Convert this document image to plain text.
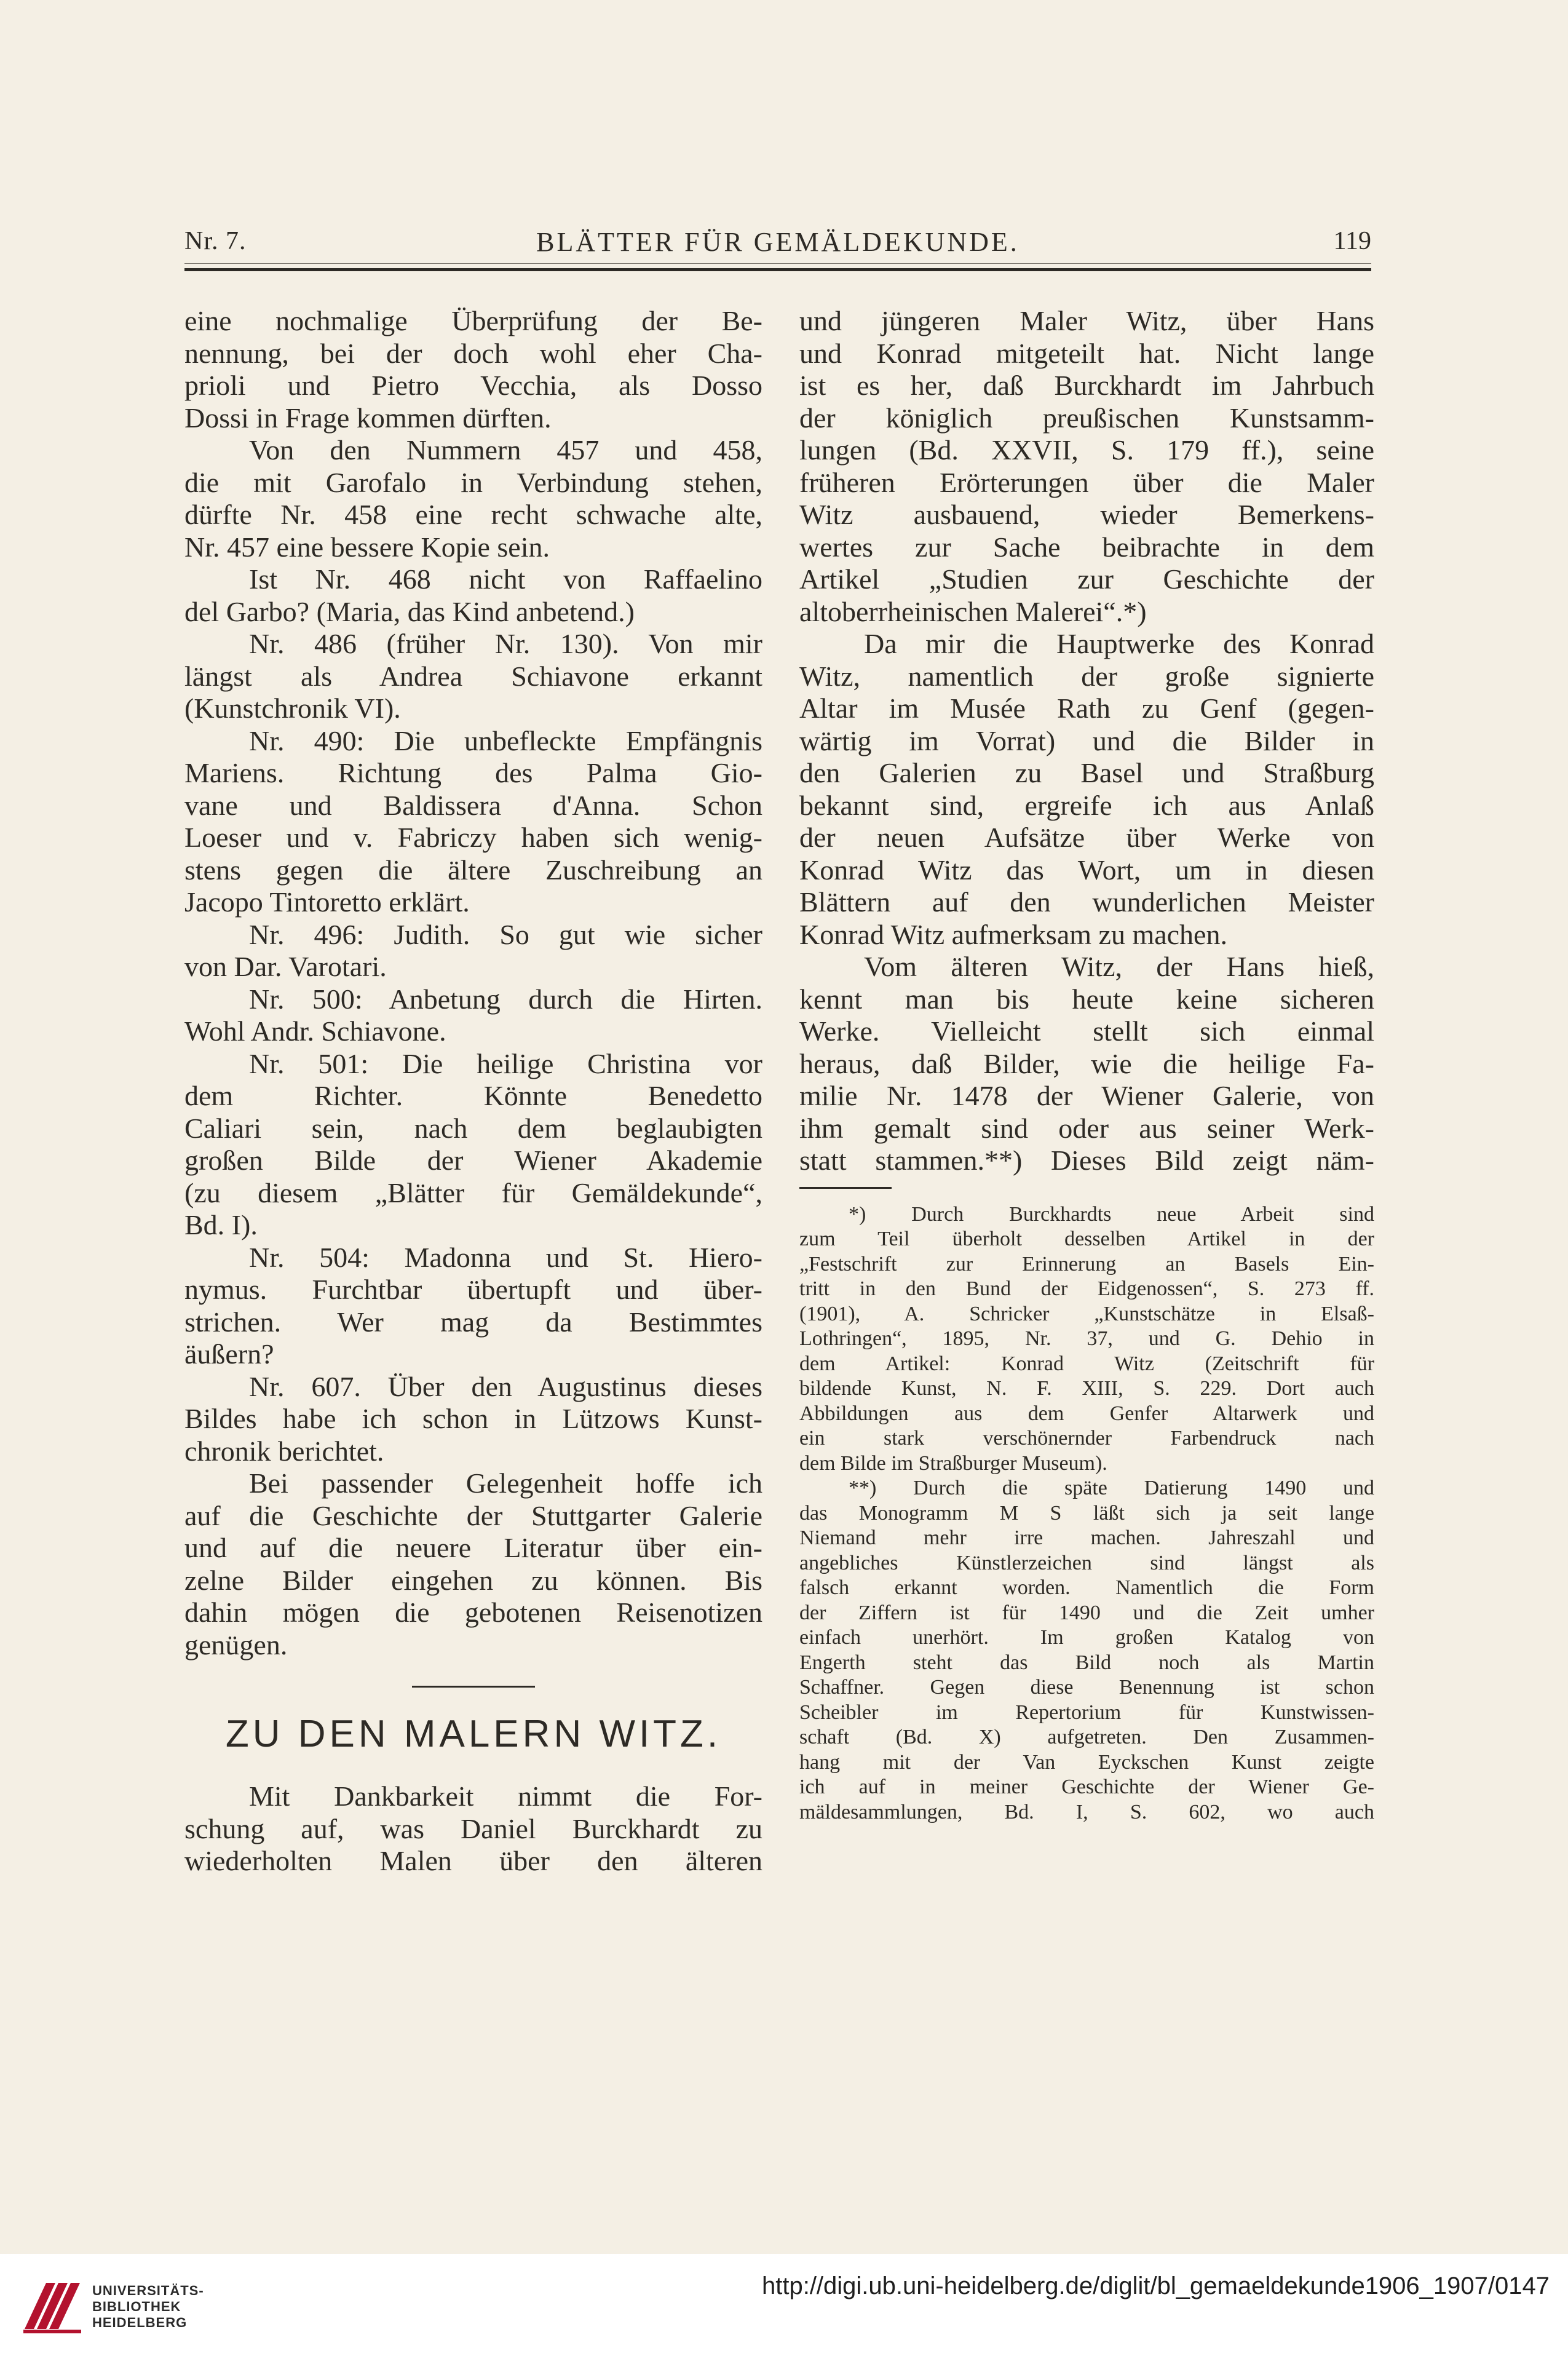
Nr. 7.	BLÄTTER FÜR GEMÄLDEKUNDE.	119
eine nochmalige Überprüfung der Be-
nennung, bei der doch wohl eher Cha-
prioli und Pietro Vecchia, als Dosso
Dossi in Frage kommen dürften.
Von den Nummern 457 und 458,
die mit Garofalo in Verbindung stehen,
dürfte Nr. 458 eine recht schwache alte,
Nr. 457 eine bessere Kopie sein.
Ist Nr. 468 nicht von Raffaelino
del Garbo? (Maria, das Kind anbetend.)
Nr. 486 (früher Nr. 130). Von mir
längst als Andrea Schiavone erkannt
(Kunstchronik VI).
Nr. 490: Die unbefleckte Empfängnis
Mariens. Richtung des Palma Gio-
vane und Baldissera d'Anna. Schon
Loeser und v. Fabriczy haben sich wenig-
stens gegen die ältere Zuschreibung an
Jacopo Tintoretto erklärt.
Nr. 496: Judith. So gut wie sicher
von Dar. Varotari.
Nr. 500: Anbetung durch die Hirten.
Wohl Andr. Schiavone.
Nr. 501: Die heilige Christina vor
dem Richter. Könnte Benedetto
Caliari sein, nach dem beglaubigten
großen Bilde der Wiener Akademie
(zu diesem „Blätter für Gemäldekunde“,
Bd. I).
Nr. 504: Madonna und St. Hiero-
nymus. Furchtbar übertupft und über-
strichen. Wer mag da Bestimmtes
äußern?
Nr. 607. Über den Augustinus dieses
Bildes habe ich schon in Lützows Kunst-
chronik berichtet.
Bei passender Gelegenheit hoffe ich
auf die Geschichte der Stuttgarter Galerie
und auf die neuere Literatur über ein-
zelne Bilder eingehen zu können. Bis
dahin mögen die gebotenen Reisenotizen
genügen.
ZU DEN MALERN WITZ.
Mit Dankbarkeit nimmt die For-
schung auf, was Daniel Burckhardt zu
wiederholten Malen über den älteren
und jüngeren Maler Witz, über Hans
und Konrad mitgeteilt hat. Nicht lange
ist es her, daß Burckhardt im Jahrbuch
der königlich preußischen Kunstsamm-
lungen (Bd. XXVII, S. 179 ff.), seine
früheren Erörterungen über die Maler
Witz ausbauend, wieder Bemerkens-
wertes zur Sache beibrachte in dem
Artikel „Studien zur Geschichte der
altoberrheinischen Malerei“.*)
Da mir die Hauptwerke des Konrad
Witz, namentlich der große signierte
Altar im Musée Rath zu Genf (gegen-
wärtig im Vorrat) und die Bilder in
den Galerien zu Basel und Straßburg
bekannt sind, ergreife ich aus Anlaß
der neuen Aufsätze über Werke von
Konrad Witz das Wort, um in diesen
Blättern auf den wunderlichen Meister
Konrad Witz aufmerksam zu machen.
Vom älteren Witz, der Hans hieß,
kennt man bis heute keine sicheren
Werke. Vielleicht stellt sich einmal
heraus, daß Bilder, wie die heilige Fa-
milie Nr. 1478 der Wiener Galerie, von
ihm gemalt sind oder aus seiner Werk-
statt stammen.**) Dieses Bild zeigt näm-
*) Durch Burckhardts neue Arbeit sind
zum Teil überholt desselben Artikel in der
„Festschrift zur Erinnerung an Basels Ein-
tritt in den Bund der Eidgenossen“, S. 273 ff.
(1901), A. Schricker „Kunstschätze in Elsaß-
Lothringen“, 1895, Nr. 37, und G. Dehio in
dem Artikel: Konrad Witz (Zeitschrift für
bildende Kunst, N. F. XIII, S. 229. Dort auch
Abbildungen aus dem Genfer Altarwerk und
ein stark verschönernder Farbendruck nach
dem Bilde im Straßburger Museum).
**) Durch die späte Datierung 1490 und
das Monogramm M S läßt sich ja seit lange
Niemand mehr irre machen. Jahreszahl und
angebliches Künstlerzeichen sind längst als
falsch erkannt worden. Namentlich die Form
der Ziffern ist für 1490 und die Zeit umher
einfach unerhört. Im großen Katalog von
Engerth steht das Bild noch als Martin
Schaffner. Gegen diese Benennung ist schon
Scheibler im Repertorium für Kunstwissen-
schaft (Bd. X) aufgetreten. Den Zusammen-
hang mit der Van Eyckschen Kunst zeigte
ich auf in meiner Geschichte der Wiener Ge-
mäldesammlungen, Bd. I, S. 602, wo auch
UNIVERSITÄTS-
BIBLIOTHEK
HEIDELBERG
http://digi.ub.uni-heidelberg.de/diglit/bl_gemaeldekunde1906_1907/0147
